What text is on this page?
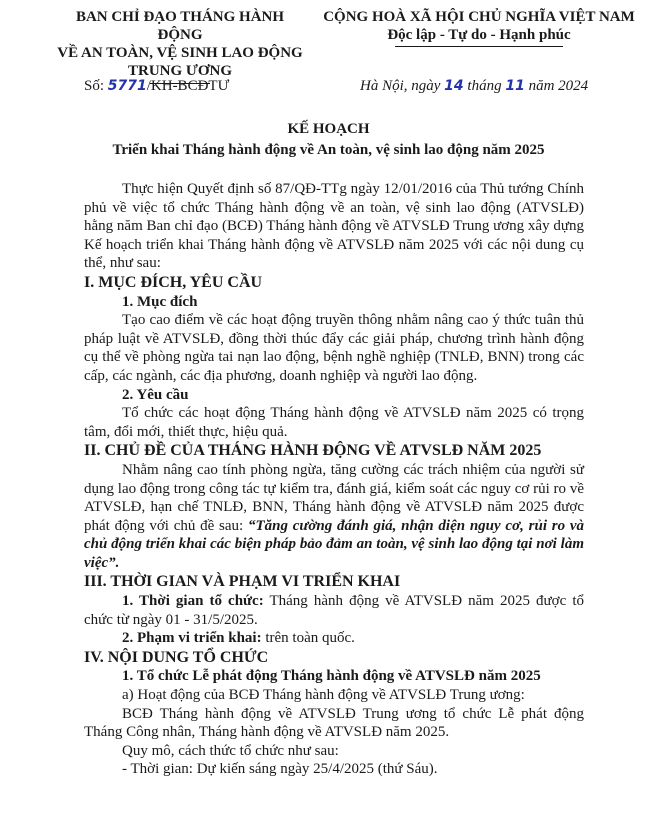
BAN CHỈ ĐẠO THÁNG HÀNH ĐỘNG
VỀ AN TOÀN, VỆ SINH LAO ĐỘNG
TRUNG ƯƠNG
CỘNG HOÀ XÃ HỘI CHỦ NGHĨA VIỆT NAM
Độc lập - Tự do - Hạnh phúc
Số: 5771/KH-BCĐTƯ	Hà Nội, ngày 14 tháng 11 năm 2024
KẾ HOẠCH
Triển khai Tháng hành động về An toàn, vệ sinh lao động năm 2025

Thực hiện Quyết định số 87/QĐ-TTg ngày 12/01/2016 của Thủ tướng Chính phủ về việc tổ chức Tháng hành động về an toàn, vệ sinh lao động (ATVSLĐ) hằng năm Ban chỉ đạo (BCĐ) Tháng hành động về ATVSLĐ Trung ương xây dựng Kế hoạch triển khai Tháng hành động về ATVSLĐ năm 2025 với các nội dung cụ thể, như sau:

I. MỤC ĐÍCH, YÊU CẦU

1. Mục đích

Tạo cao điểm về các hoạt động truyền thông nhằm nâng cao ý thức tuân thủ pháp luật về ATVSLĐ, đồng thời thúc đẩy các giải pháp, chương trình hành động cụ thể về phòng ngừa tai nạn lao động, bệnh nghề nghiệp (TNLĐ, BNN) trong các cấp, các ngành, các địa phương, doanh nghiệp và người lao động.

2. Yêu cầu

Tổ chức các hoạt động Tháng hành động về ATVSLĐ năm 2025 có trọng tâm, đổi mới, thiết thực, hiệu quả.

II. CHỦ ĐỀ CỦA THÁNG HÀNH ĐỘNG VỀ ATVSLĐ NĂM 2025

Nhằm nâng cao tính phòng ngừa, tăng cường các trách nhiệm của người sử dụng lao động trong công tác tự kiểm tra, đánh giá, kiểm soát các nguy cơ rủi ro về ATVSLĐ, hạn chế TNLĐ, BNN, Tháng hành động về ATVSLĐ năm 2025 được phát động với chủ đề sau: “Tăng cường đánh giá, nhận diện nguy cơ, rủi ro và chủ động triển khai các biện pháp bảo đảm an toàn, vệ sinh lao động tại nơi làm việc”.

III. THỜI GIAN VÀ PHẠM VI TRIỂN KHAI

1. Thời gian tổ chức: Tháng hành động về ATVSLĐ năm 2025 được tổ chức từ ngày 01 - 31/5/2025.

2. Phạm vi triển khai: trên toàn quốc.

IV. NỘI DUNG TỔ CHỨC

1. Tổ chức Lễ phát động Tháng hành động về ATVSLĐ năm 2025

a) Hoạt động của BCĐ Tháng hành động về ATVSLĐ Trung ương:

BCĐ Tháng hành động về ATVSLĐ Trung ương tổ chức Lễ phát động Tháng Công nhân, Tháng hành động về ATVSLĐ năm 2025.

Quy mô, cách thức tổ chức như sau:

- Thời gian: Dự kiến sáng ngày 25/4/2025 (thứ Sáu).
